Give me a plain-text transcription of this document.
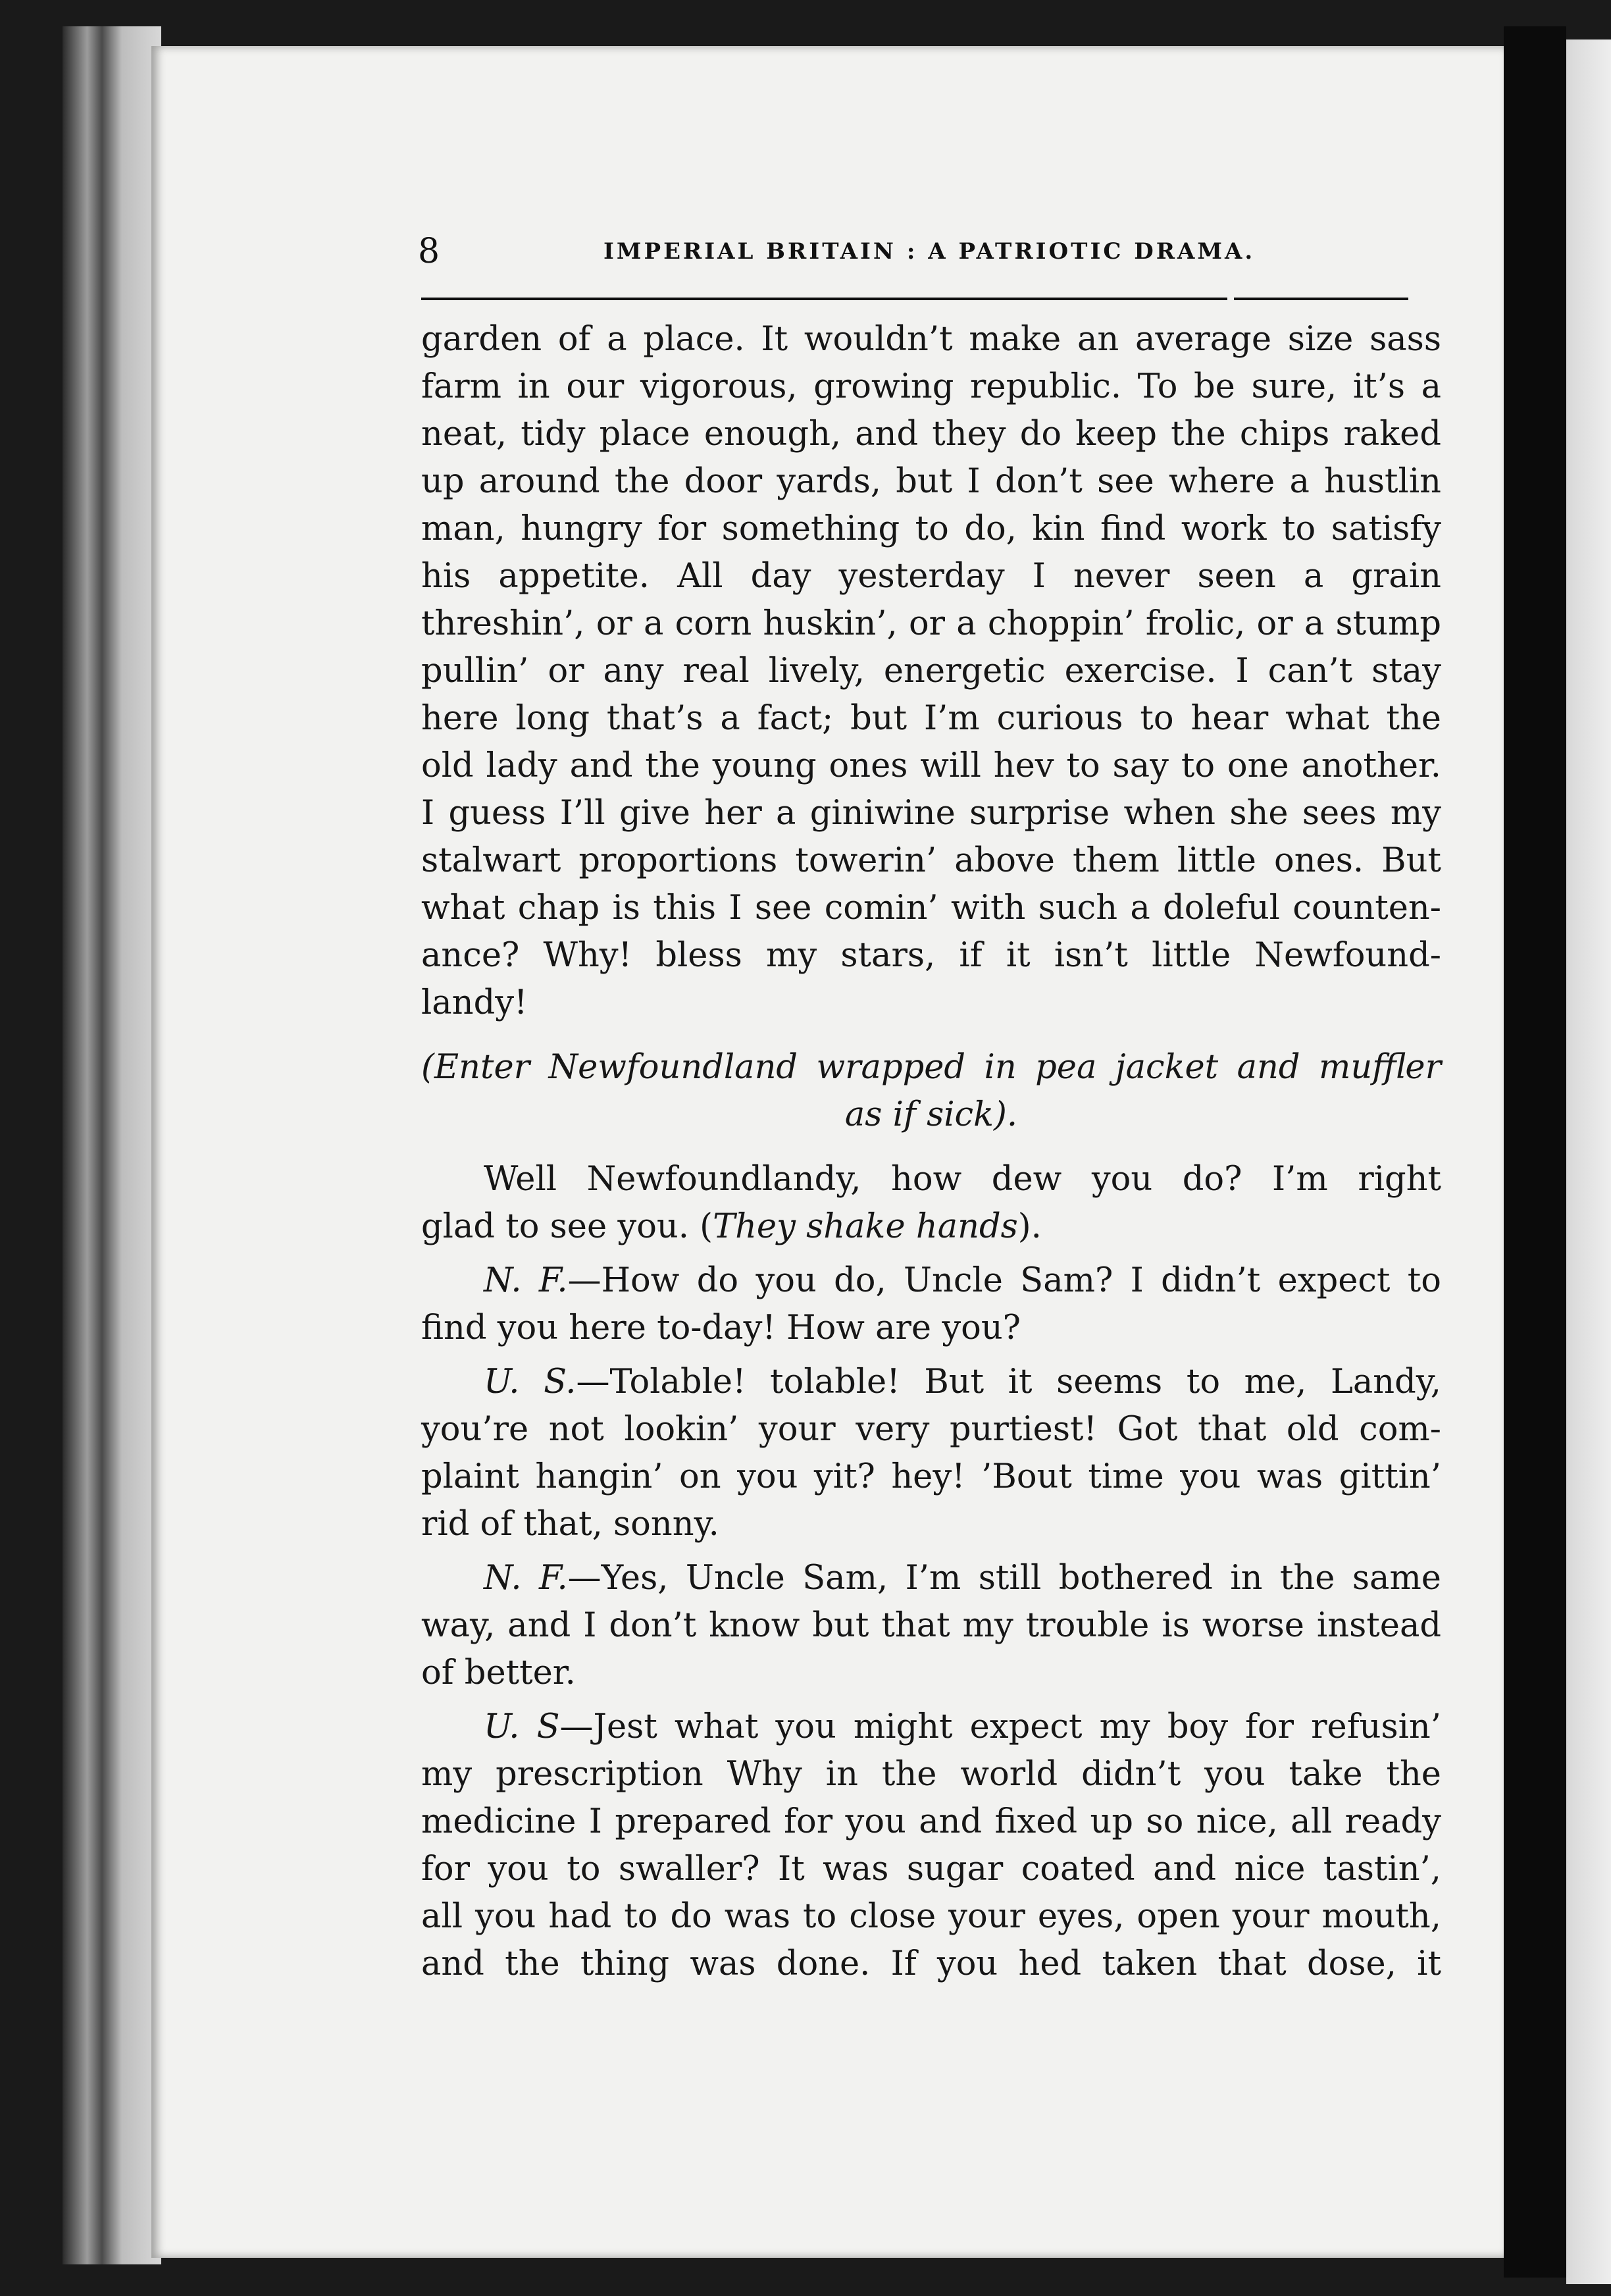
8	IMPERIAL BRITAIN : A PATRIOTIC DRAMA.
garden of a place. It wouldn’t make an average size sass
farm in our vigorous, growing republic. To be sure, it’s a
neat, tidy place enough, and they do keep the chips raked
up around the door yards, but I don’t see where a hustlin
man, hungry for something to do, kin find work to satisfy
his appetite. All day yesterday I never seen a grain
threshin’, or a corn huskin’, or a choppin’ frolic, or a stump
pullin’ or any real lively, energetic exercise. I can’t stay
here long that’s a fact; but I’m curious to hear what the
old lady and the young ones will hev to say to one another.
I guess I’ll give her a giniwine surprise when she sees my
stalwart proportions towerin’ above them little ones. But
what chap is this I see comin’ with such a doleful counten-
ance? Why! bless my stars, if it isn’t little Newfound-
landy!
(Enter Newfoundland wrapped in pea jacket and muffler
as if sick).
Well Newfoundlandy, how dew you do? I’m right
glad to see you. (They shake hands).
N. F.—How do you do, Uncle Sam? I didn’t expect to
find you here to-day! How are you?
U. S.—Tolable! tolable! But it seems to me, Landy,
you’re not lookin’ your very purtiest! Got that old com-
plaint hangin’ on you yit? hey! ’Bout time you was gittin’
rid of that, sonny.
N. F.—Yes, Uncle Sam, I’m still bothered in the same
way, and I don’t know but that my trouble is worse instead
of better.
U. S—Jest what you might expect my boy for refusin’
my prescription Why in the world didn’t you take the
medicine I prepared for you and fixed up so nice, all ready
for you to swaller? It was sugar coated and nice tastin’,
all you had to do was to close your eyes, open your mouth,
and the thing was done. If you hed taken that dose, it
